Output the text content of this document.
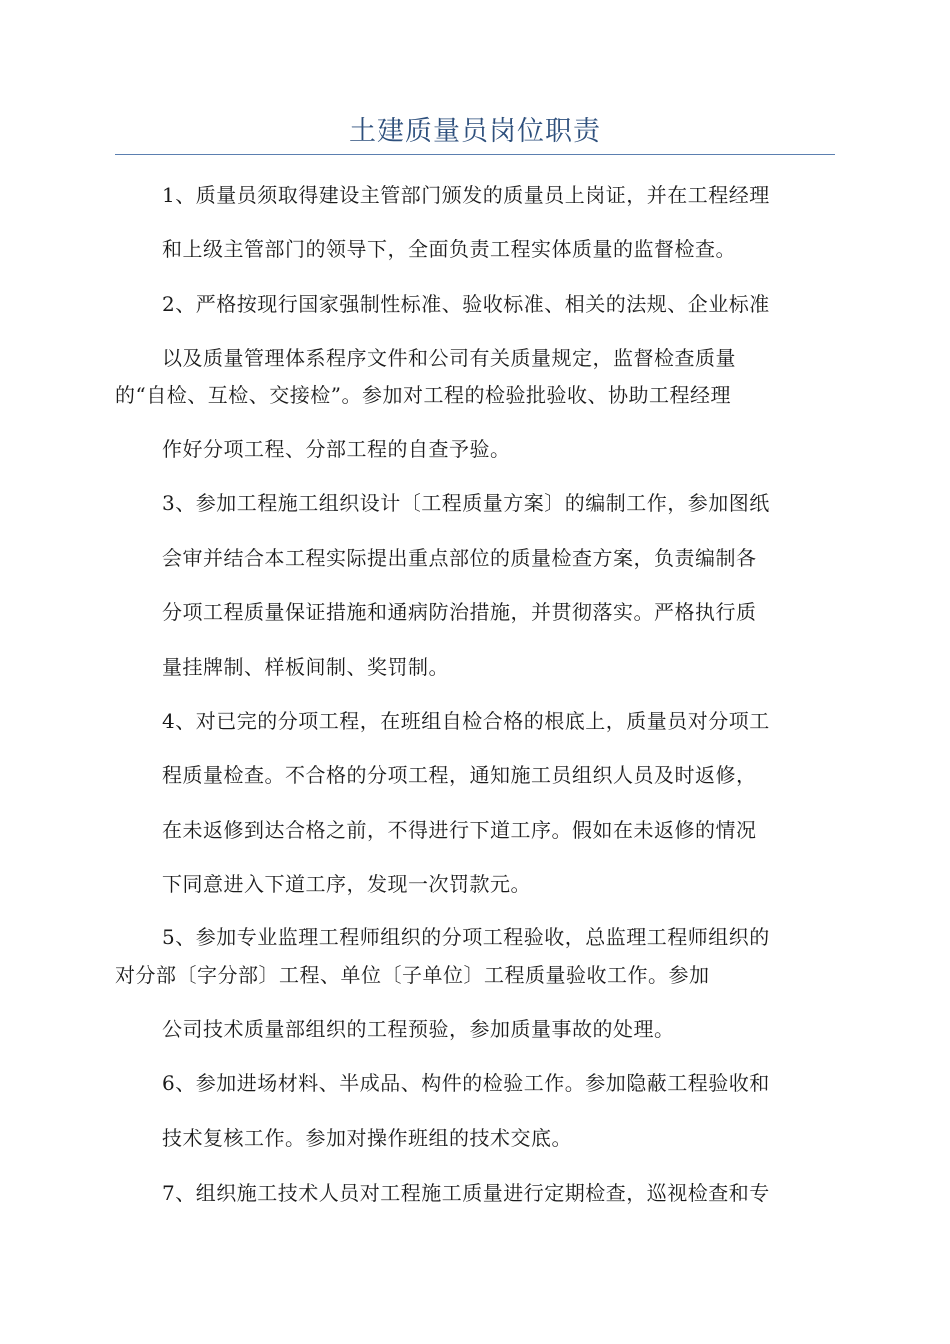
土建质量员岗位职责
1、质量员须取得建设主管部门颁发的质量员上岗证，并在工程经理
和上级主管部门的领导下，全面负责工程实体质量的监督检查。
2、严格按现行国家强制性标准、验收标准、相关的法规、企业标准
以及质量管理体系程序文件和公司有关质量规定，监督检查质量
的“自检、互检、交接检”。参加对工程的检验批验收、协助工程经理
作好分项工程、分部工程的自查予验。
3、参加工程施工组织设计〔工程质量方案〕的编制工作，参加图纸
会审并结合本工程实际提出重点部位的质量检查方案，负责编制各
分项工程质量保证措施和通病防治措施，并贯彻落实。严格执行质
量挂牌制、样板间制、奖罚制。
4、对已完的分项工程，在班组自检合格的根底上，质量员对分项工
程质量检查。不合格的分项工程，通知施工员组织人员及时返修，
在未返修到达合格之前，不得进行下道工序。假如在未返修的情况
下同意进入下道工序，发现一次罚款元。
5、参加专业监理工程师组织的分项工程验收，总监理工程师组织的
对分部〔字分部〕工程、单位〔子单位〕工程质量验收工作。参加
公司技术质量部组织的工程预验，参加质量事故的处理。
6、参加进场材料、半成品、构件的检验工作。参加隐蔽工程验收和
技术复核工作。参加对操作班组的技术交底。
7、组织施工技术人员对工程施工质量进行定期检查，巡视检查和专
